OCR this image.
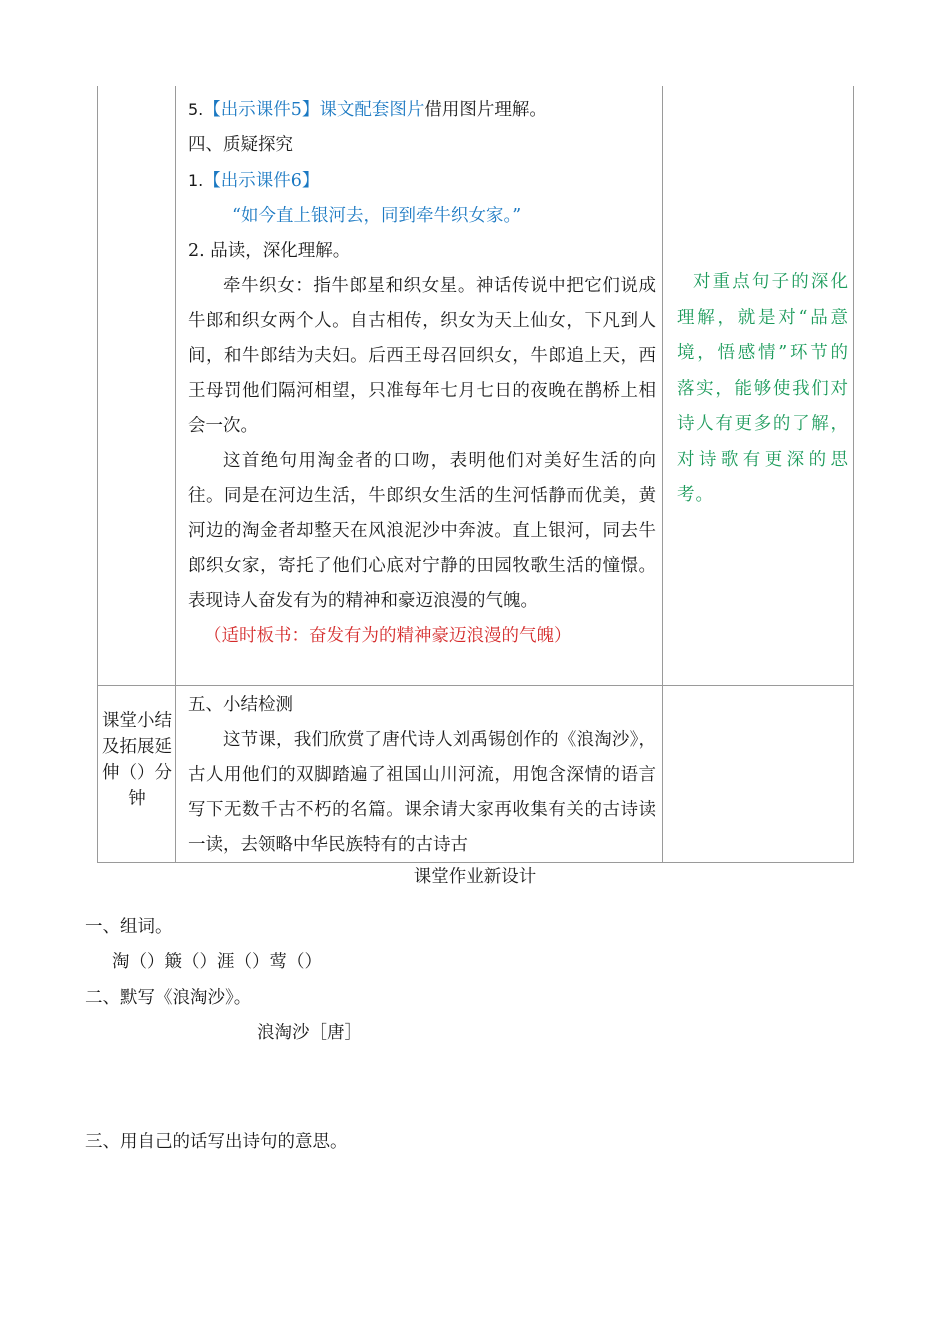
5.【出示课件5】课文配套图片借用图片理解。

四、质疑探究

1.【出示课件6】

“如今直上银河去，同到牵牛织女家。”

2. 品读，深化理解。

牵牛织女：指牛郎星和织女星。神话传说中把它们说成牛郎和织女两个人。自古相传，织女为天上仙女，下凡到人间，和牛郎结为夫妇。后西王母召回织女，牛郎追上天，西王母罚他们隔河相望，只准每年七月七日的夜晚在鹊桥上相会一次。

这首绝句用淘金者的口吻，表明他们对美好生活的向往。同是在河边生活，牛郎织女生活的生河恬静而优美，黄河边的淘金者却整天在风浪泥沙中奔波。直上银河，同去牛郎织女家，寄托了他们心底对宁静的田园牧歌生活的憧憬。表现诗人奋发有为的精神和豪迈浪漫的气魄。

（适时板书：奋发有为的精神豪迈浪漫的气魄）

对重点句子的深化理解，就是对“品意境，悟感情”环节的落实，能够使我们对诗人有更多的了解，对诗歌有更深的思考。
课堂小结及拓展延伸（）分钟

五、小结检测

这节课，我们欣赏了唐代诗人刘禹锡创作的《浪淘沙》，古人用他们的双脚踏遍了祖国山川河流，用饱含深情的语言写下无数千古不朽的名篇。课余请大家再收集有关的古诗读一读，去领略中华民族特有的古诗古

课堂作业新设计
一、组词。
淘（）簸（）涯（）莺（）
二、默写《浪淘沙》。
浪淘沙［唐］
三、用自己的话写出诗句的意思。
